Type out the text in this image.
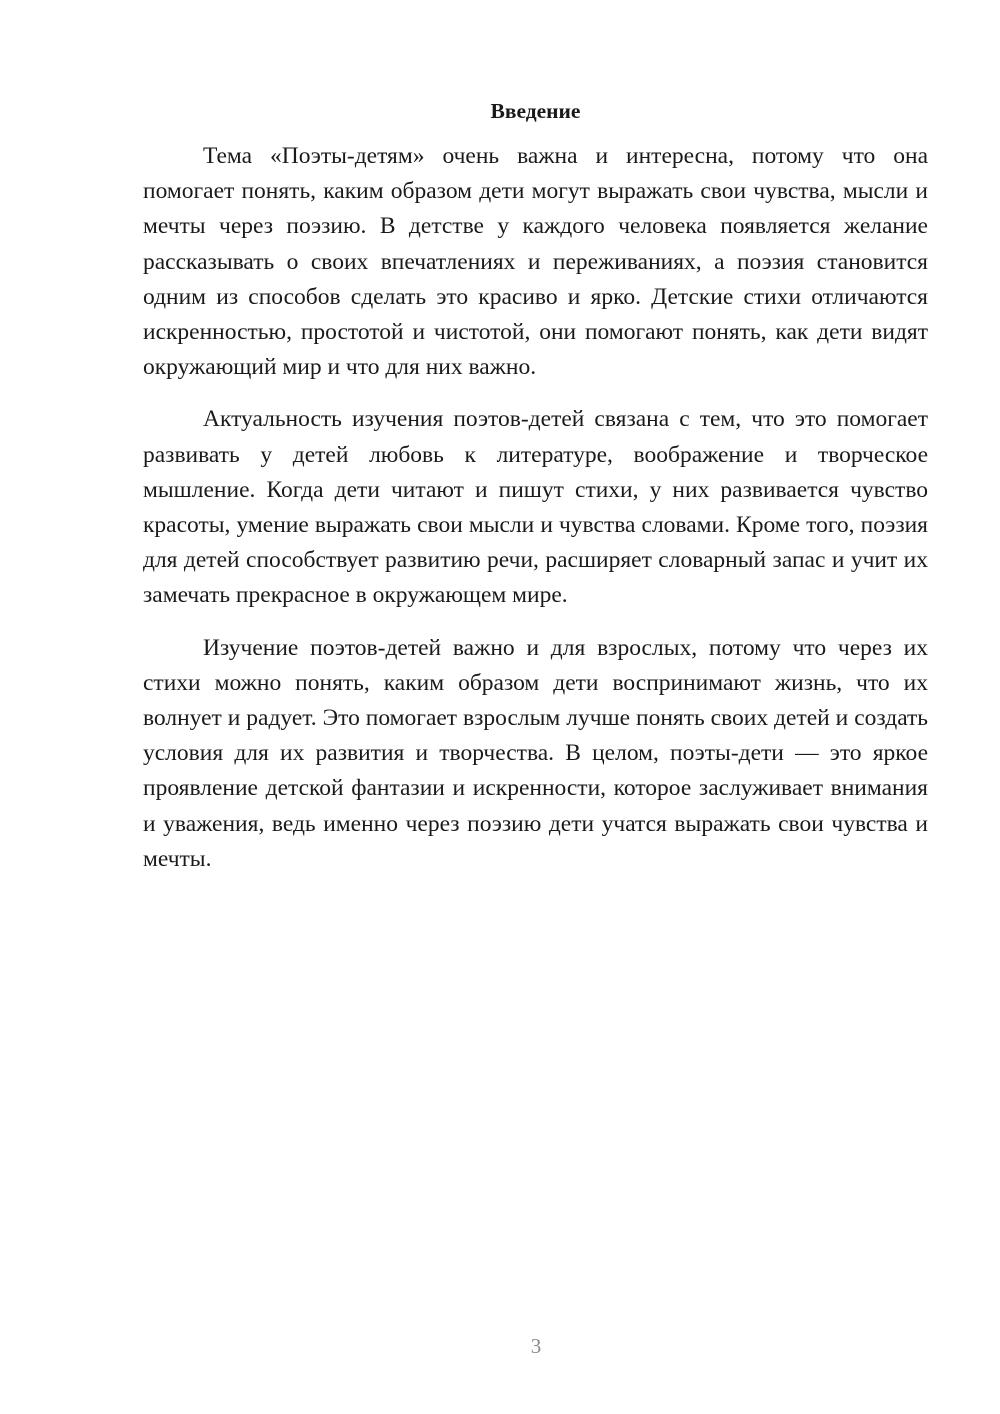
Введение

Тема «Поэты-детям» очень важна и интересна, потому что она помогает понять, каким образом дети могут выражать свои чувства, мысли и мечты через поэзию. В детстве у каждого человека появляется желание рассказывать о своих впечатлениях и переживаниях, а поэзия становится одним из способов сделать это красиво и ярко. Детские стихи отличаются искренностью, простотой и чистотой, они помогают понять, как дети видят окружающий мир и что для них важно.

Актуальность изучения поэтов-детей связана с тем, что это помогает развивать у детей любовь к литературе, воображение и творческое мышление. Когда дети читают и пишут стихи, у них развивается чувство красоты, умение выражать свои мысли и чувства словами. Кроме того, поэзия для детей способствует развитию речи, расширяет словарный запас и учит их замечать прекрасное в окружающем мире.

Изучение поэтов-детей важно и для взрослых, потому что через их стихи можно понять, каким образом дети воспринимают жизнь, что их волнует и радует. Это помогает взрослым лучше понять своих детей и создать условия для их развития и творчества. В целом, поэты-дети — это яркое проявление детской фантазии и искренности, которое заслуживает внимания и уважения, ведь именно через поэзию дети учатся выражать свои чувства и мечты.

3
